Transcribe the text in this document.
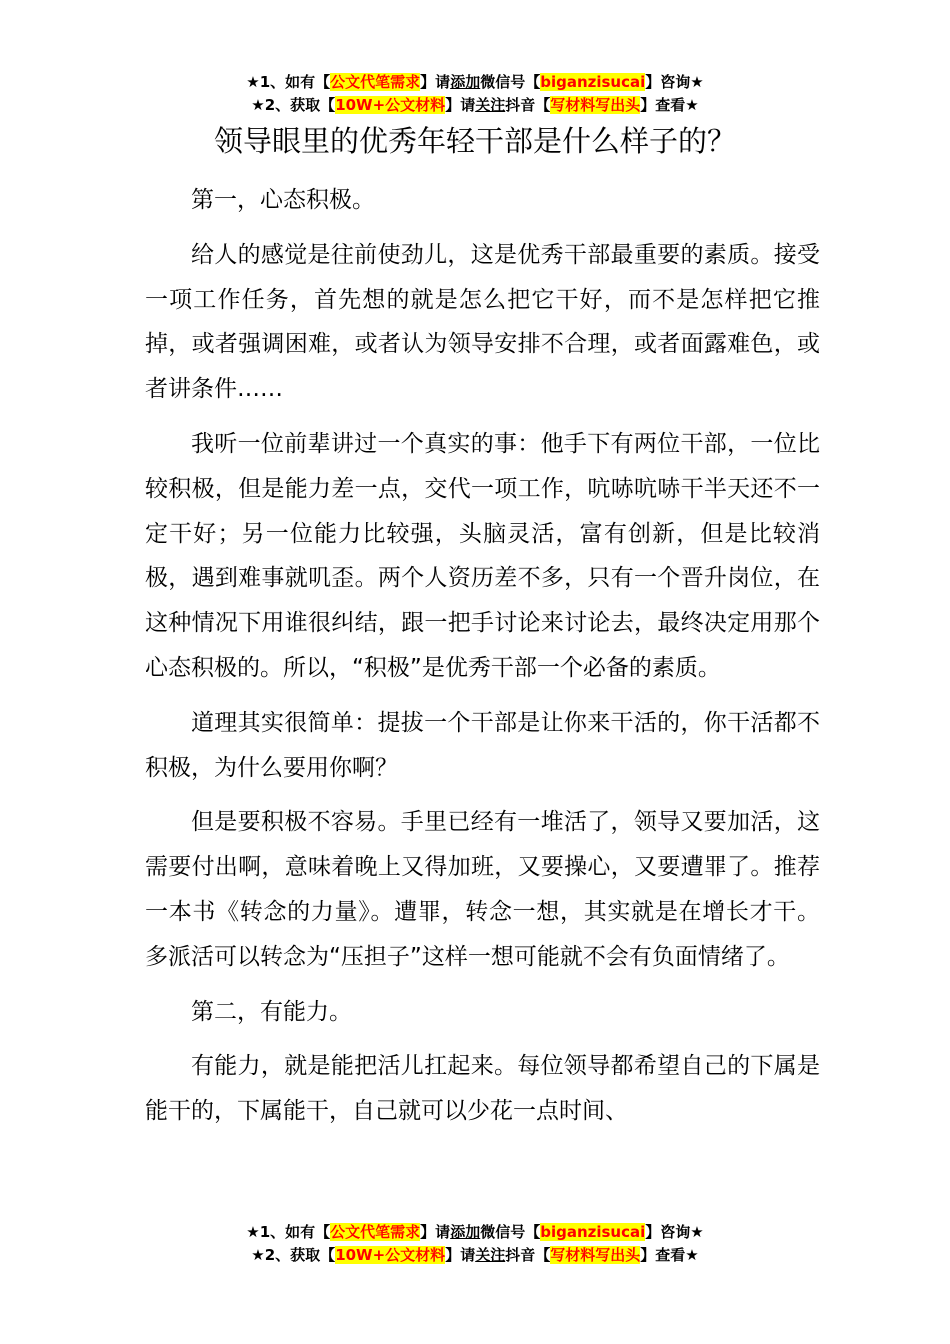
★1、如有【公文代笔需求】请添加微信号【biganzisucai】咨询★
★2、获取【10W+公文材料】请关注抖音【写材料写出头】查看★
领导眼里的优秀年轻干部是什么样子的？

第一，心态积极。

给人的感觉是往前使劲儿，这是优秀干部最重要的素质。接受一项工作任务，首先想的就是怎么把它干好，而不是怎样把它推掉，或者强调困难，或者认为领导安排不合理，或者面露难色，或者讲条件……

我听一位前辈讲过一个真实的事：他手下有两位干部，一位比较积极，但是能力差一点，交代一项工作，吭哧吭哧干半天还不一定干好；另一位能力比较强，头脑灵活，富有创新，但是比较消极，遇到难事就叽歪。两个人资历差不多，只有一个晋升岗位，在这种情况下用谁很纠结，跟一把手讨论来讨论去，最终决定用那个心态积极的。所以，“积极”是优秀干部一个必备的素质。

道理其实很简单：提拔一个干部是让你来干活的，你干活都不积极，为什么要用你啊？

但是要积极不容易。手里已经有一堆活了，领导又要加活，这需要付出啊，意味着晚上又得加班，又要操心，又要遭罪了。推荐一本书《转念的力量》。遭罪，转念一想，其实就是在增长才干。多派活可以转念为“压担子”这样一想可能就不会有负面情绪了。

第二，有能力。

有能力，就是能把活儿扛起来。每位领导都希望自己的下属是能干的，下属能干，自己就可以少花一点时间、

★1、如有【公文代笔需求】请添加微信号【biganzisucai】咨询★
★2、获取【10W+公文材料】请关注抖音【写材料写出头】查看★
